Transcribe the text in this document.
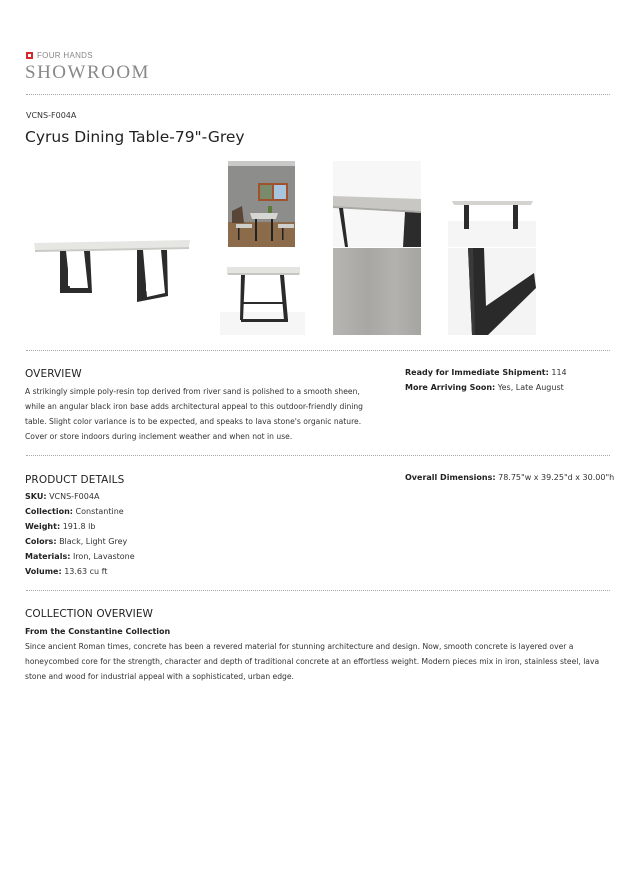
FOUR HANDS
SHOWROOM
VCNS-F004A
Cyrus Dining Table-79"-Grey
OVERVIEW
A strikingly simple poly-resin top derived from river sand is polished to a smooth sheen,
while an angular black iron base adds architectural appeal to this outdoor-friendly dining
table. Slight color variance is to be expected, and speaks to lava stone's organic nature.
Cover or store indoors during inclement weather and when not in use.
Ready for Immediate Shipment: 114
More Arriving Soon: Yes, Late August
PRODUCT DETAILS
SKU: VCNS-F004A
Collection: Constantine
Weight: 191.8 lb
Colors: Black, Light Grey
Materials: Iron, Lavastone
Volume: 13.63 cu ft
Overall Dimensions: 78.75"w x 39.25"d x 30.00"h
COLLECTION OVERVIEW
From the Constantine Collection
Since ancient Roman times, concrete has been a revered material for stunning architecture and design. Now, smooth concrete is layered over a
honeycombed core for the strength, character and depth of traditional concrete at an effortless weight. Modern pieces mix in iron, stainless steel, lava
stone and wood for industrial appeal with a sophisticated, urban edge.
